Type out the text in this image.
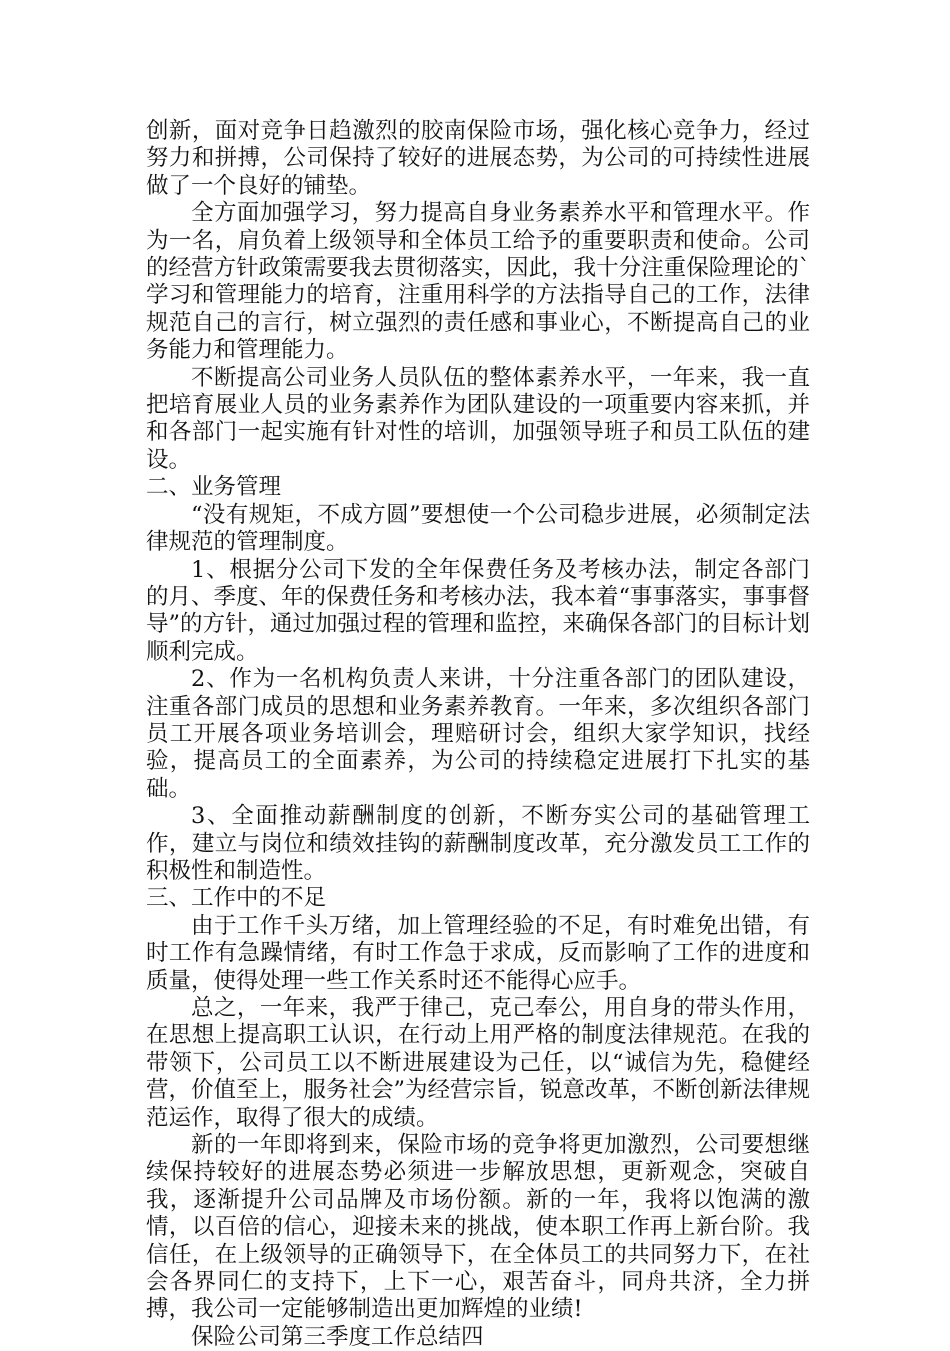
创新，面对竞争日趋激烈的胶南保险市场，强化核心竞争力，经过努力和拼搏，公司保持了较好的进展态势，为公司的可持续性进展做了一个良好的铺垫。

全方面加强学习，努力提高自身业务素养水平和管理水平。作为一名，肩负着上级领导和全体员工给予的重要职责和使命。公司的经营方针政策需要我去贯彻落实，因此，我十分注重保险理论的`学习和管理能力的培育，注重用科学的方法指导自己的工作，法律规范自己的言行，树立强烈的责任感和事业心，不断提高自己的业务能力和管理能力。

不断提高公司业务人员队伍的整体素养水平，一年来，我一直把培育展业人员的业务素养作为团队建设的一项重要内容来抓，并和各部门一起实施有针对性的培训，加强领导班子和员工队伍的建设。

二、业务管理

“没有规矩，不成方圆”要想使一个公司稳步进展，必须制定法律规范的管理制度。

1、根据分公司下发的全年保费任务及考核办法，制定各部门的月、季度、年的保费任务和考核办法，我本着“事事落实，事事督导”的方针，通过加强过程的管理和监控，来确保各部门的目标计划顺利完成。

2、作为一名机构负责人来讲，十分注重各部门的团队建设，注重各部门成员的思想和业务素养教育。一年来，多次组织各部门员工开展各项业务培训会，理赔研讨会，组织大家学知识，找经验，提高员工的全面素养，为公司的持续稳定进展打下扎实的基础。

3、全面推动薪酬制度的创新，不断夯实公司的基础管理工作，建立与岗位和绩效挂钩的薪酬制度改革，充分激发员工工作的积极性和制造性。

三、工作中的不足

由于工作千头万绪，加上管理经验的不足，有时难免出错，有时工作有急躁情绪，有时工作急于求成，反而影响了工作的进度和质量，使得处理一些工作关系时还不能得心应手。

总之，一年来，我严于律己，克己奉公，用自身的带头作用，在思想上提高职工认识，在行动上用严格的制度法律规范。在我的带领下，公司员工以不断进展建设为己任，以“诚信为先，稳健经营，价值至上，服务社会”为经营宗旨，锐意改革，不断创新法律规范运作，取得了很大的成绩。

新的一年即将到来，保险市场的竞争将更加激烈，公司要想继续保持较好的进展态势必须进一步解放思想，更新观念，突破自我，逐渐提升公司品牌及市场份额。新的一年，我将以饱满的激情，以百倍的信心，迎接未来的挑战，使本职工作再上新台阶。我信任，在上级领导的正确领导下，在全体员工的共同努力下，在社会各界同仁的支持下，上下一心，艰苦奋斗，同舟共济，全力拼搏，我公司一定能够制造出更加辉煌的业绩!

保险公司第三季度工作总结四
